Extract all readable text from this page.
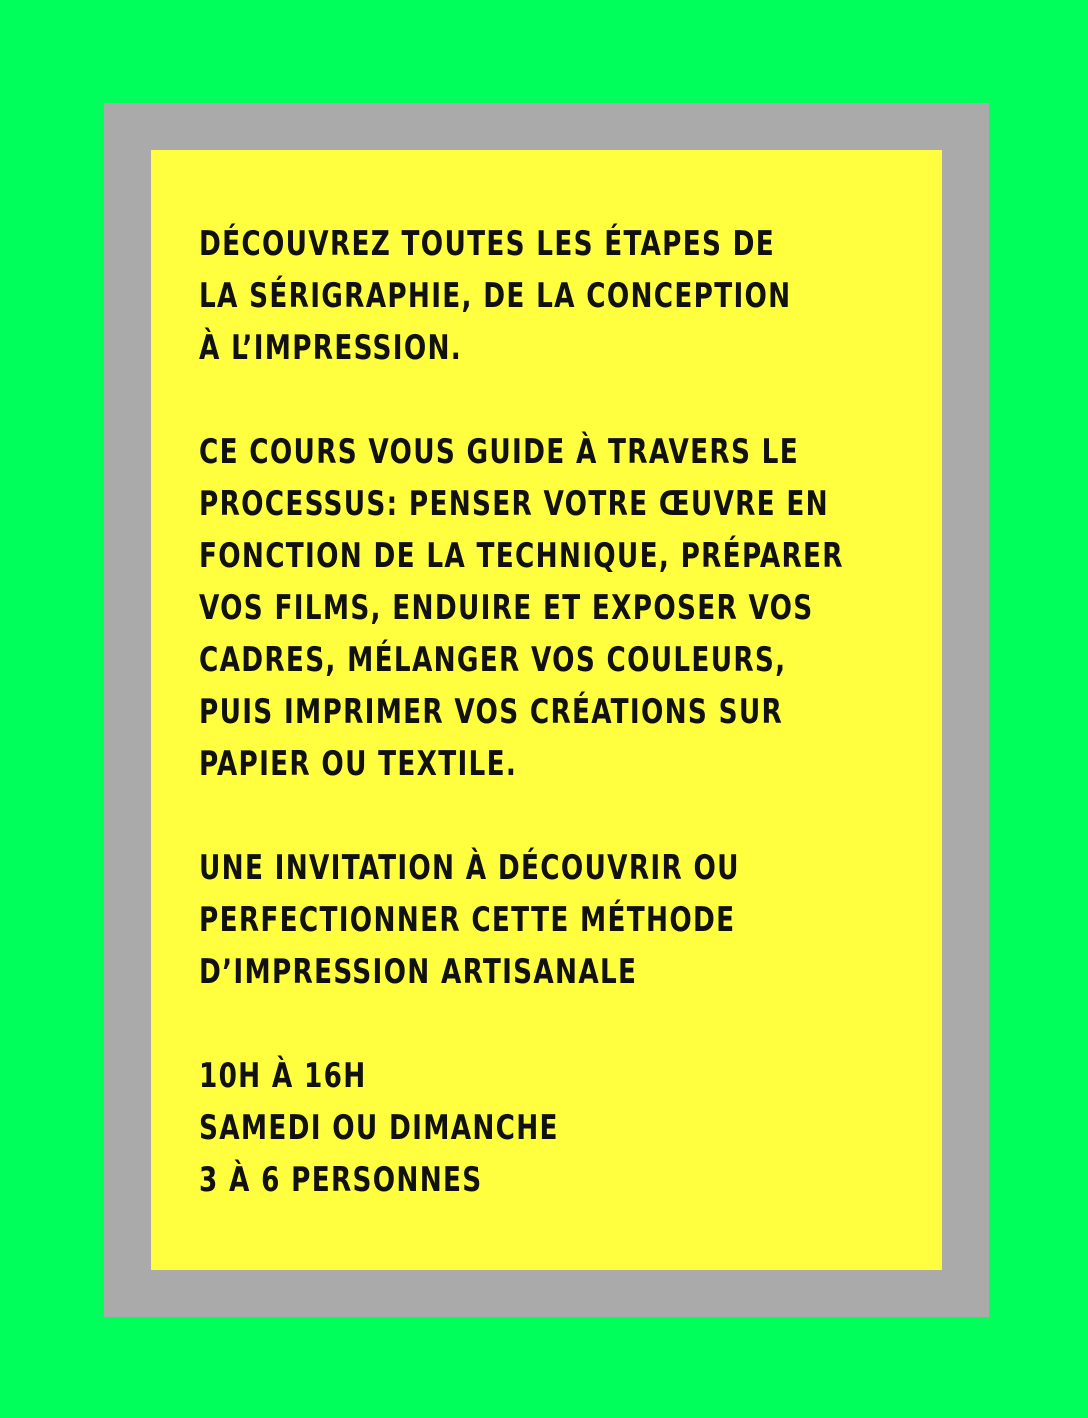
DÉCOUVREZ TOUTES LES ÉTAPES DE
LA SÉRIGRAPHIE, DE LA CONCEPTION
À L’IMPRESSION.

CE COURS VOUS GUIDE À TRAVERS LE
PROCESSUS: PENSER VOTRE ŒUVRE EN
FONCTION DE LA TECHNIQUE, PRÉPARER
VOS FILMS, ENDUIRE ET EXPOSER VOS
CADRES, MÉLANGER VOS COULEURS,
PUIS IMPRIMER VOS CRÉATIONS SUR
PAPIER OU TEXTILE.

UNE INVITATION À DÉCOUVRIR OU
PERFECTIONNER CETTE MÉTHODE
D’IMPRESSION ARTISANALE

10H À 16H
SAMEDI OU DIMANCHE
3 À 6 PERSONNES
